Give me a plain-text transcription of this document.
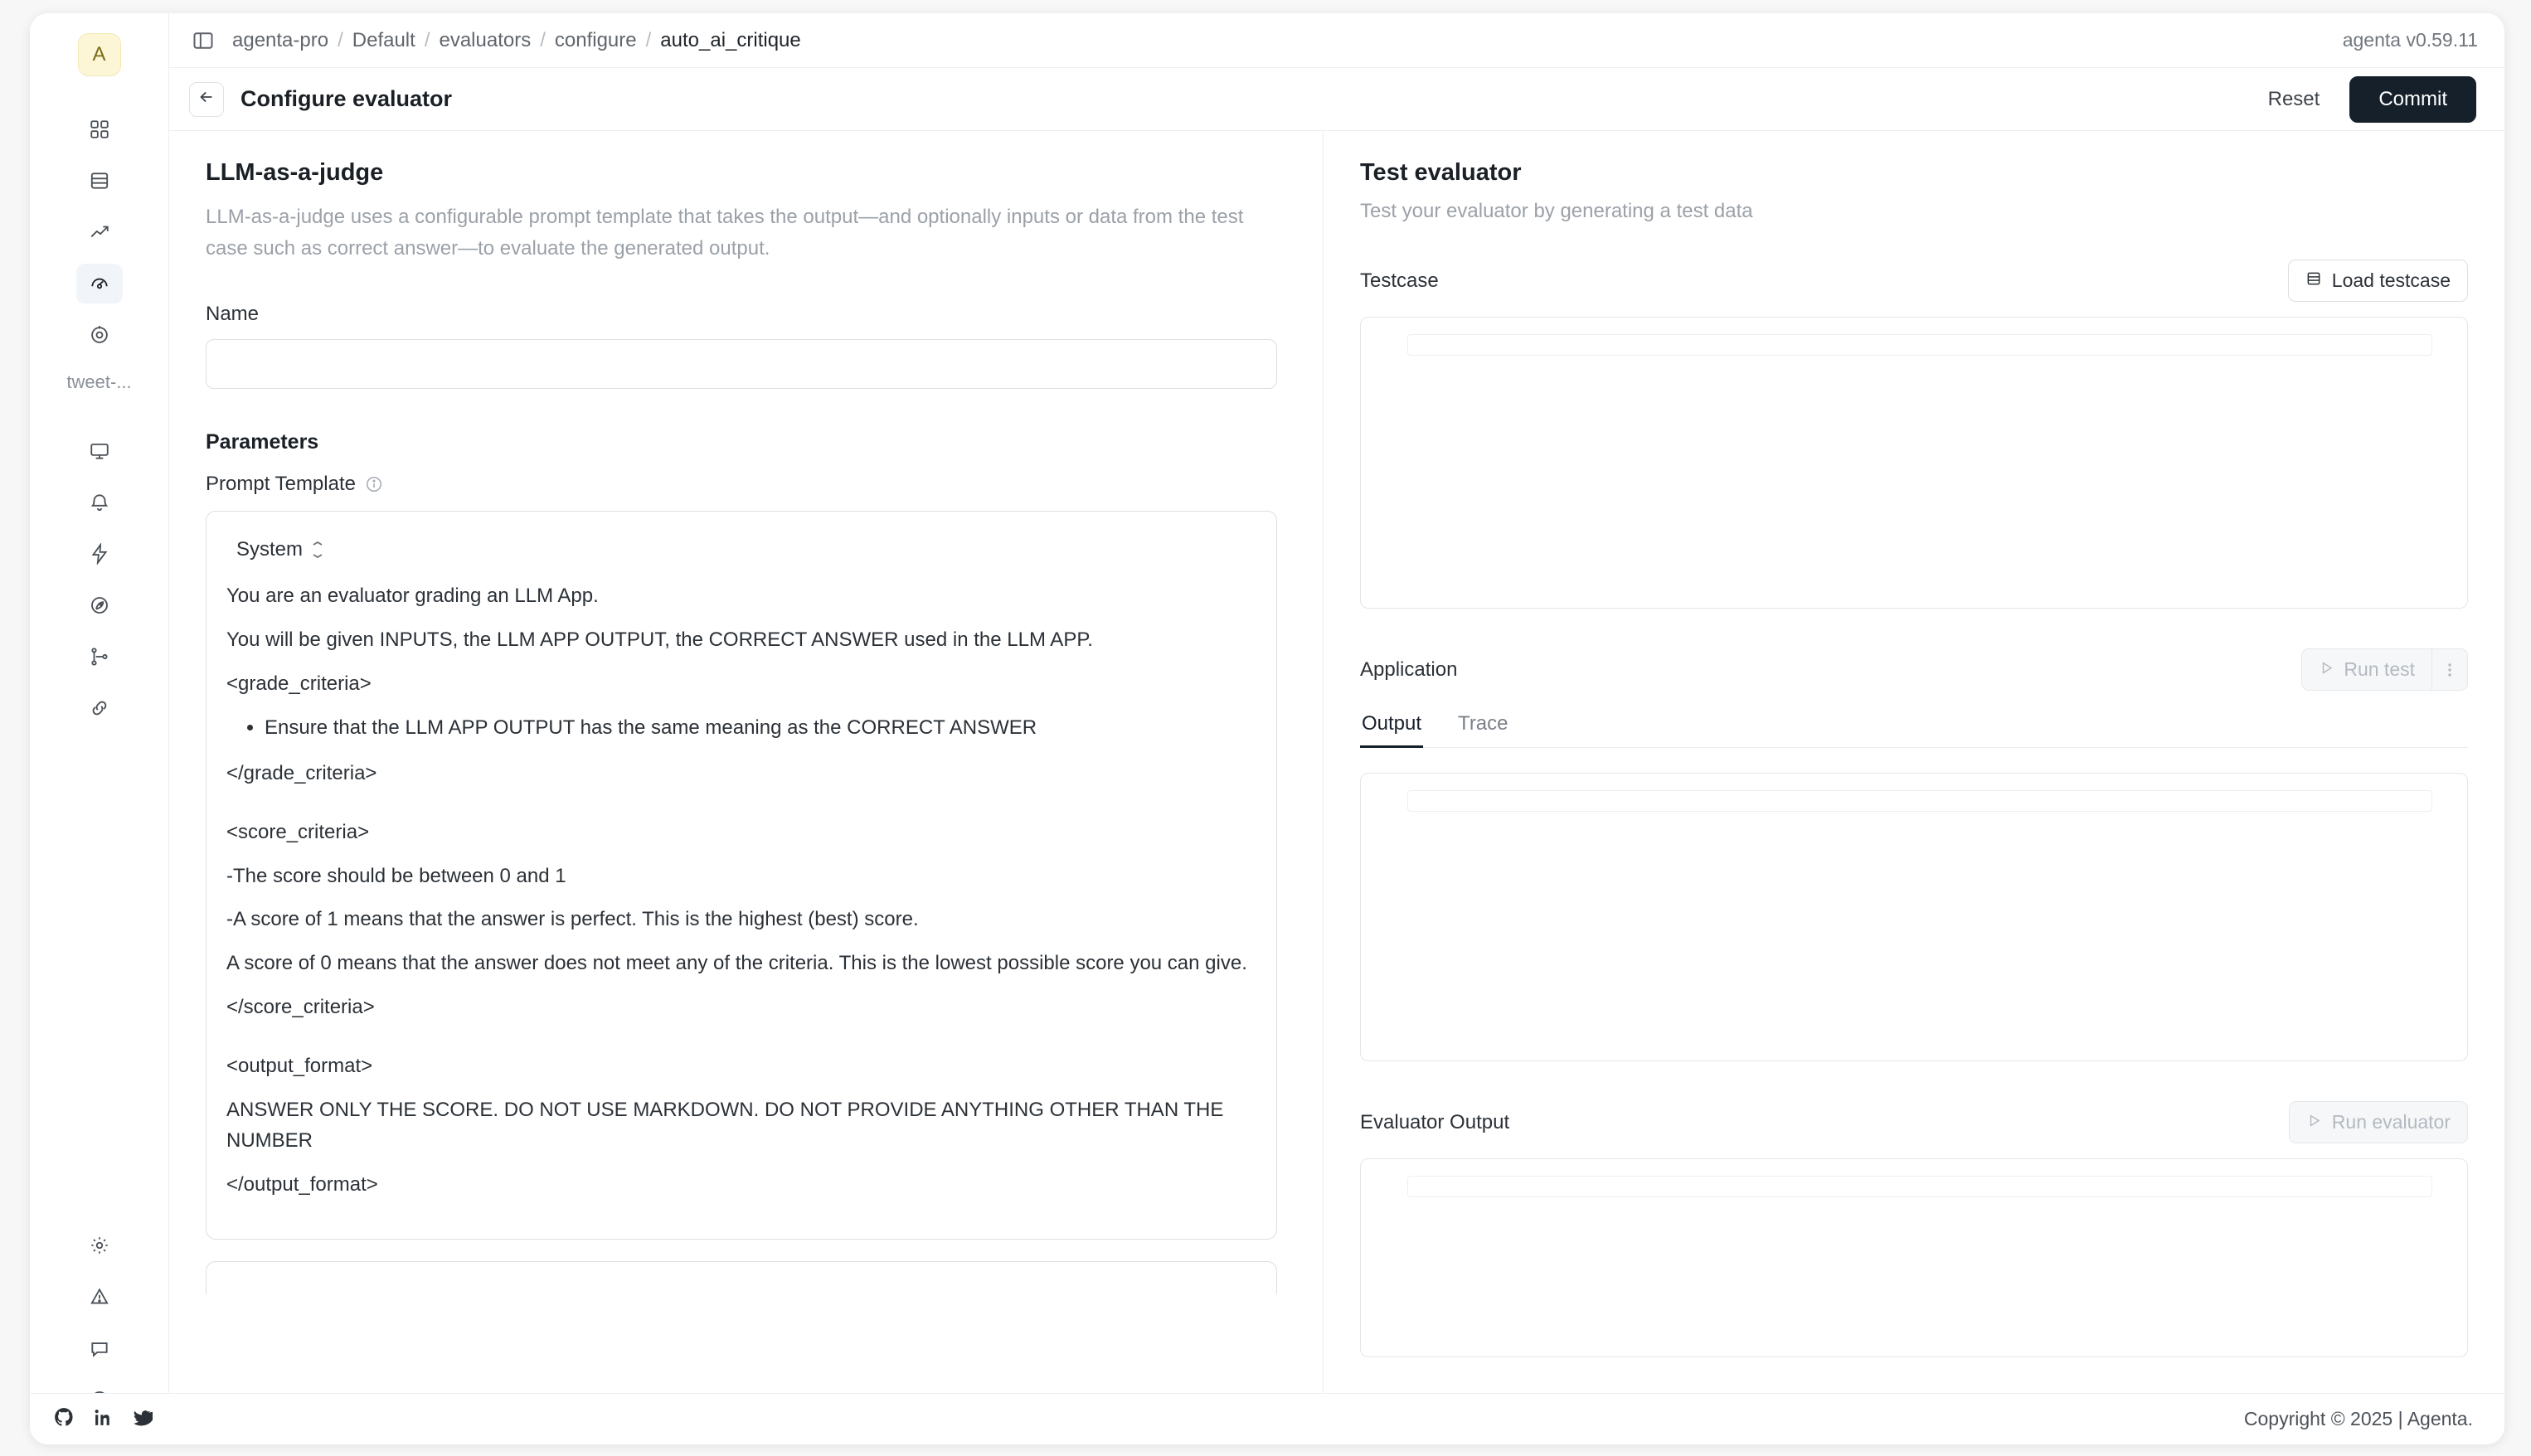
A
tweet-...
agenta-pro / Default / evaluators / configure / auto_ai_critique	agenta v0.59.11
Configure evaluator	Reset	Commit
LLM-as-a-judge

LLM-as-a-judge uses a configurable prompt template that takes the output—and optionally inputs or data from the test case such as correct answer—to evaluate the generated output.

Name
Parameters
Prompt Template
System

You are an evaluator grading an LLM App.

You will be given INPUTS, the LLM APP OUTPUT, the CORRECT ANSWER used in the LLM APP.

<grade_criteria>

• Ensure that the LLM APP OUTPUT has the same meaning as the CORRECT ANSWER

</grade_criteria>

<score_criteria>

-The score should be between 0 and 1

-A score of 1 means that the answer is perfect. This is the highest (best) score.

A score of 0 means that the answer does not meet any of the criteria. This is the lowest possible score you can give.

</score_criteria>

<output_format>

ANSWER ONLY THE SCORE. DO NOT USE MARKDOWN. DO NOT PROVIDE ANYTHING OTHER THAN THE NUMBER

</output_format>

Test evaluator

Test your evaluator by generating a test data

Testcase	Load testcase
Application	Run test
Output Trace
Evaluator Output	Run evaluator
Copyright © 2025 | Agenta.
